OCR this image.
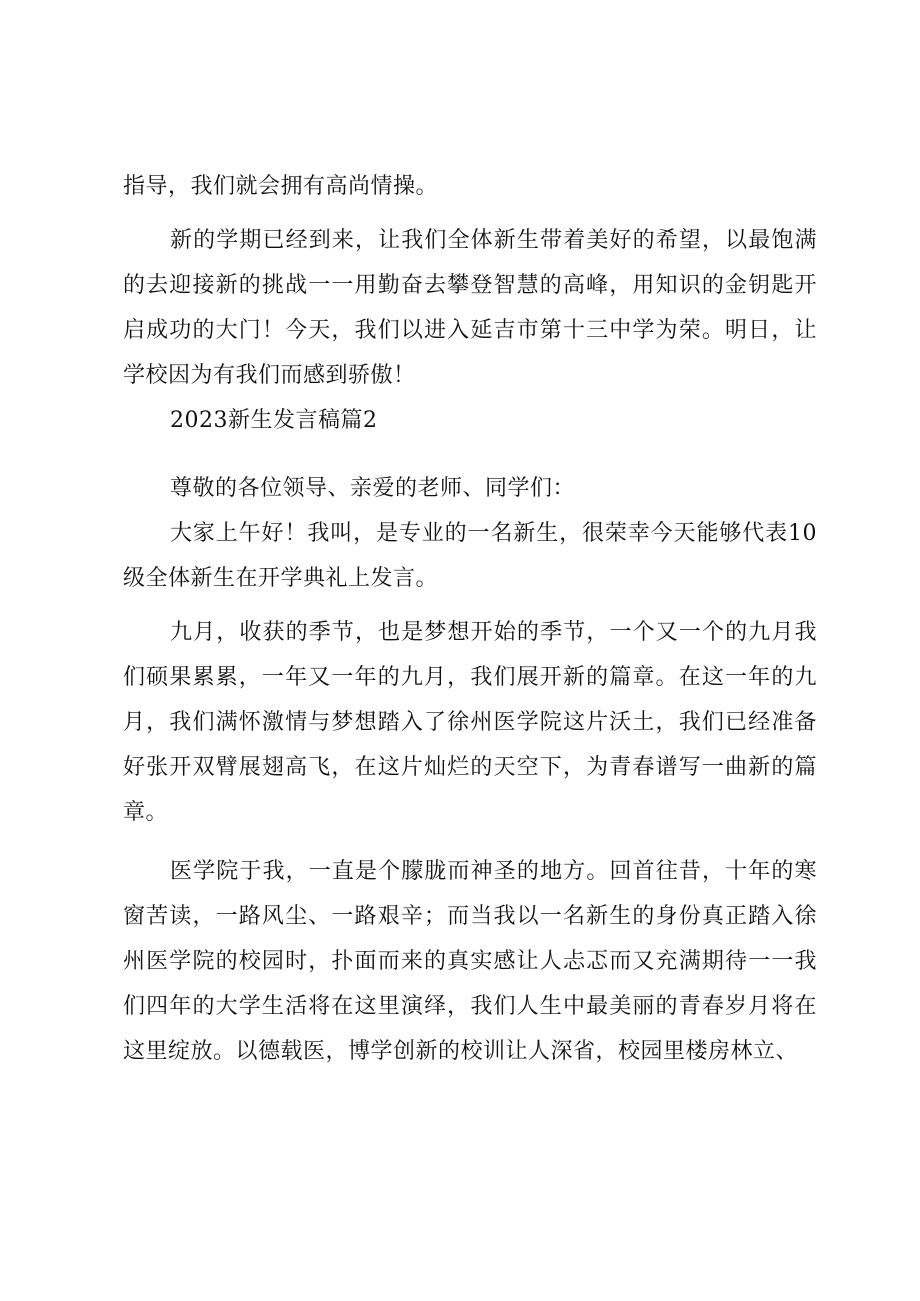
指导，我们就会拥有高尚情操。

新的学期已经到来，让我们全体新生带着美好的希望，以最饱满的去迎接新的挑战一一用勤奋去攀登智慧的高峰，用知识的金钥匙开启成功的大门！今天，我们以进入延吉市第十三中学为荣。明日，让学校因为有我们而感到骄傲！

2023新生发言稿篇2

尊敬的各位领导、亲爱的老师、同学们：

大家上午好！我叫，是专业的一名新生，很荣幸今天能够代表10级全体新生在开学典礼上发言。

九月，收获的季节，也是梦想开始的季节，一个又一个的九月我们硕果累累，一年又一年的九月，我们展开新的篇章。在这一年的九月，我们满怀激情与梦想踏入了徐州医学院这片沃土，我们已经准备好张开双臂展翅高飞，在这片灿烂的天空下，为青春谱写一曲新的篇章。

医学院于我，一直是个朦胧而神圣的地方。回首往昔，十年的寒窗苦读，一路风尘、一路艰辛；而当我以一名新生的身份真正踏入徐州医学院的校园时，扑面而来的真实感让人忐忑而又充满期待一一我们四年的大学生活将在这里演绎，我们人生中最美丽的青春岁月将在这里绽放。以德载医，博学创新的校训让人深省，校园里楼房林立、
